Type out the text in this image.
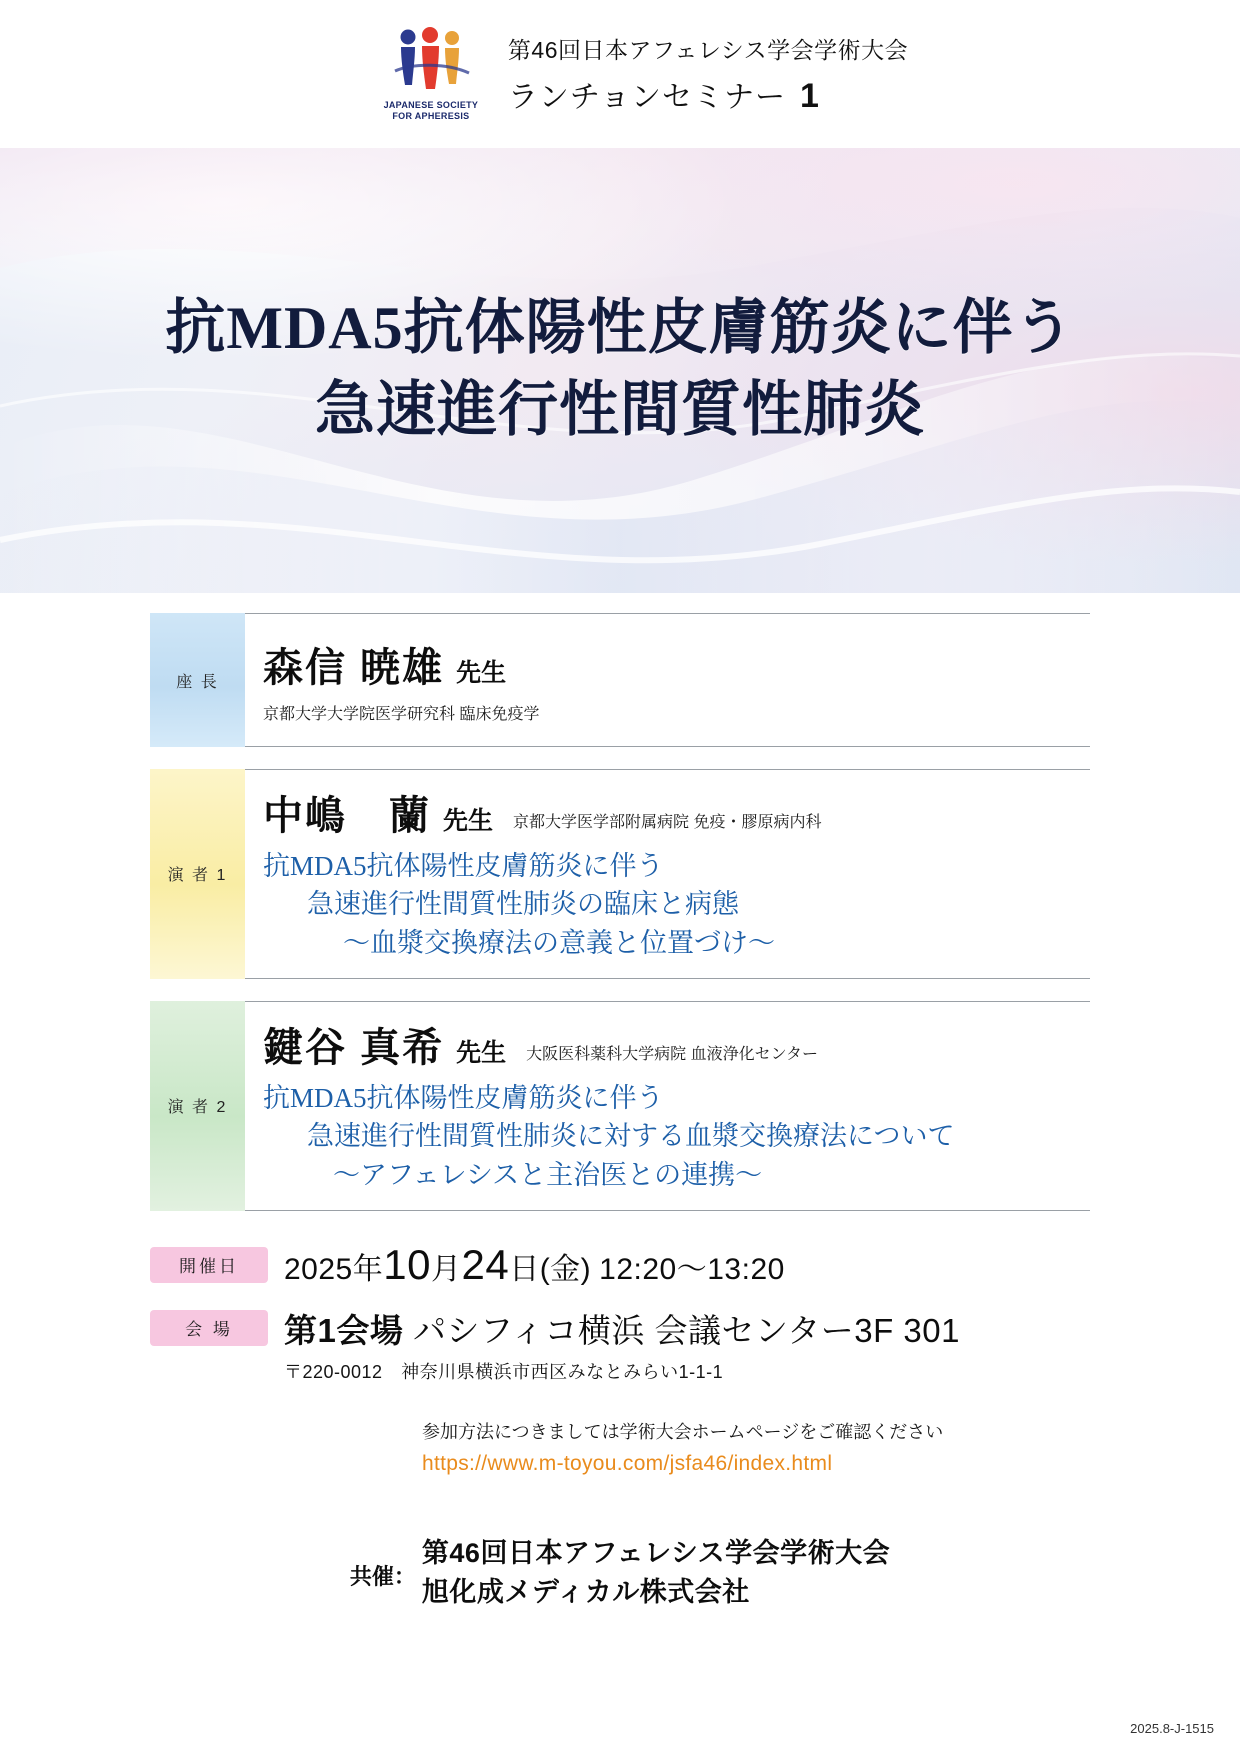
JAPANESE SOCIETY
FOR APHERESIS
第46回日本アフェレシス学会学術大会
ランチョンセミナー 1
抗MDA5抗体陽性皮膚筋炎に伴う
急速進行性間質性肺炎
座 長	森信 暁雄 先生
京都大学大学院医学研究科 臨床免疫学
演 者 1
中嶋　蘭 先生 京都大学医学部附属病院 免疫・膠原病内科
抗MDA5抗体陽性皮膚筋炎に伴う
急速進行性間質性肺炎の臨床と病態
～血漿交換療法の意義と位置づけ～
演 者 2
鍵谷 真希 先生 大阪医科薬科大学病院 血液浄化センター
抗MDA5抗体陽性皮膚筋炎に伴う
急速進行性間質性肺炎に対する血漿交換療法について
～アフェレシスと主治医との連携～
開催日	2025年 10 月 24 日 (金) 12:20～13:20
会 場	第1会場 パシフィコ横浜 会議センター3F 301
〒220-0012　神奈川県横浜市西区みなとみらい1-1-1
参加方法につきましては学術大会ホームページをご確認ください
https://www.m-toyou.com/jsfa46/index.html
共催：
第46回日本アフェレシス学会学術大会
旭化成メディカル株式会社
2025.8-J-1515
